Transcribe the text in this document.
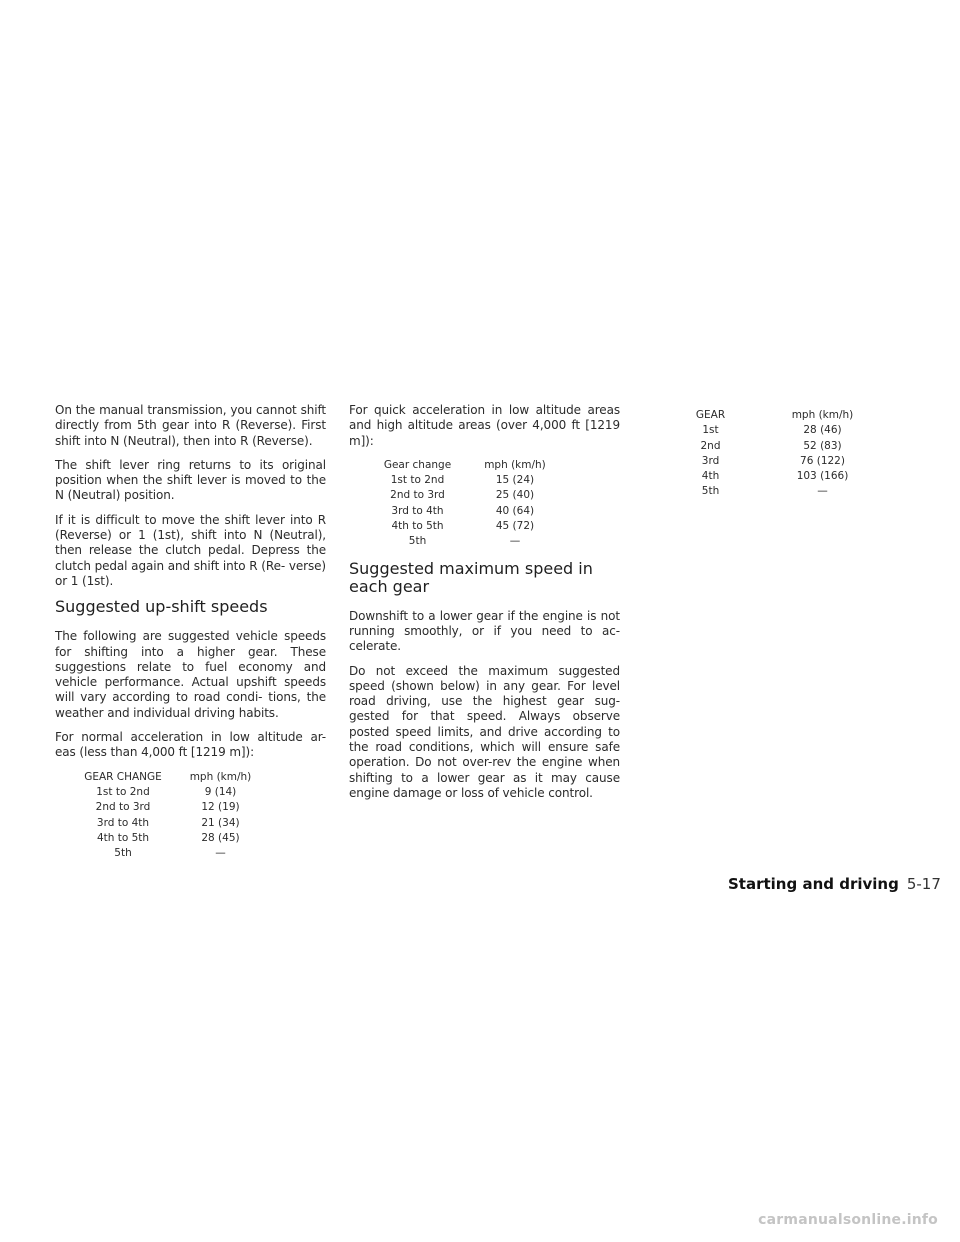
On the manual transmission, you cannot shift directly from 5th gear into R (Reverse). First shift into N (Neutral), then into R (Reverse).

The shift lever ring returns to its original position when the shift lever is moved to the N (Neutral) position.

If it is difficult to move the shift lever into R (Reverse) or 1 (1st), shift into N (Neutral), then release the clutch pedal. Depress the clutch pedal again and shift into R (Re- verse) or 1 (1st).

Suggested up-shift speeds

The following are suggested vehicle speeds for shifting into a higher gear. These suggestions relate to fuel economy and vehicle performance. Actual upshift speeds will vary according to road condi- tions, the weather and individual driving habits.

For normal acceleration in low altitude ar- eas (less than 4,000 ft [1219 m]):

GEAR CHANGE	mph (km/h)
1st to 2nd	9 (14)
2nd to 3rd	12 (19)
3rd to 4th	21 (34)
4th to 5th	28 (45)
5th	—

For quick acceleration in low altitude areas and high altitude areas (over 4,000 ft [1219 m]):

Gear change	mph (km/h)
1st to 2nd	15 (24)
2nd to 3rd	25 (40)
3rd to 4th	40 (64)
4th to 5th	45 (72)
5th	—
Suggested maximum speed in each gear

Downshift to a lower gear if the engine is not running smoothly, or if you need to ac- celerate.

Do not exceed the maximum suggested speed (shown below) in any gear. For level road driving, use the highest gear sug- gested for that speed. Always observe posted speed limits, and drive according to the road conditions, which will ensure safe operation. Do not over-rev the engine when shifting to a lower gear as it may cause engine damage or loss of vehicle control.

GEAR	mph (km/h)
1st	28 (46)
2nd	52 (83)
3rd	76 (122)
4th	103 (166)
5th	—
Starting and driving 5-17
carmanualsonline.info
